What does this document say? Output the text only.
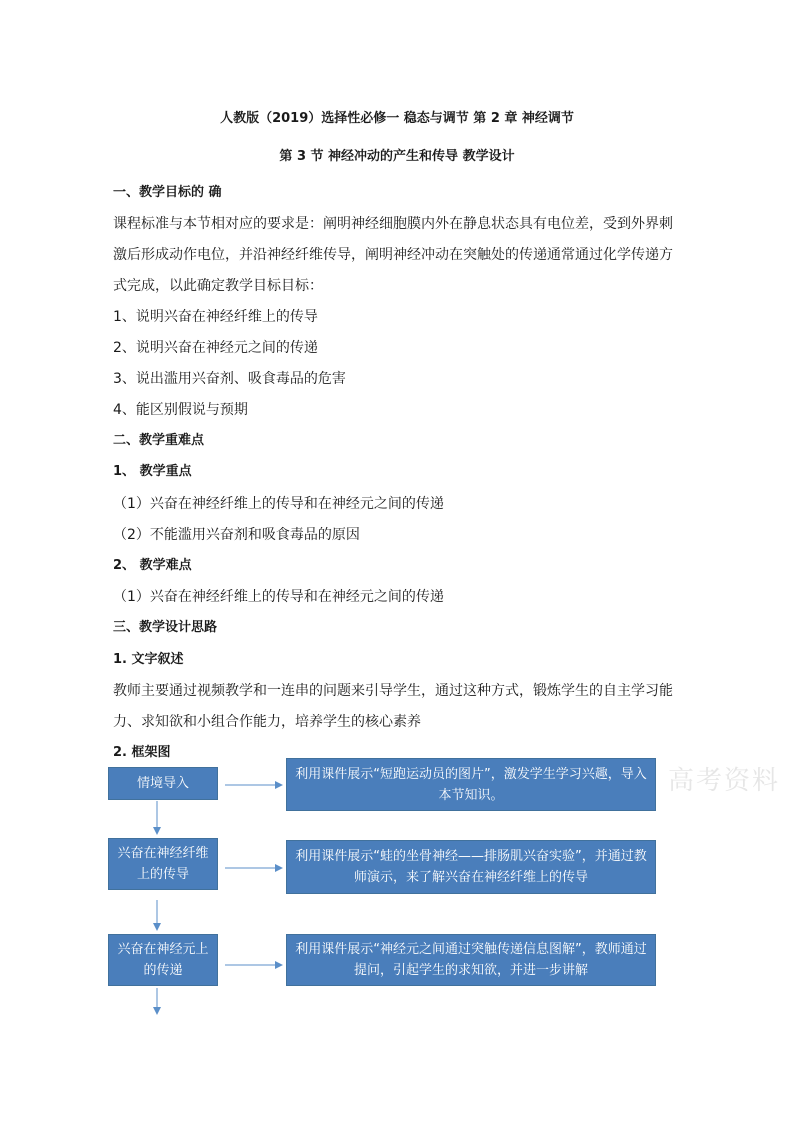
人教版（2019）选择性必修一 稳态与调节 第 2 章 神经调节
第 3 节 神经冲动的产生和传导 教学设计
一、教学目标的 确
课程标准与本节相对应的要求是：阐明神经细胞膜内外在静息状态具有电位差，受到外界刺
激后形成动作电位，并沿神经纤维传导，阐明神经冲动在突触处的传递通常通过化学传递方
式完成，以此确定教学目标目标：
1、说明兴奋在神经纤维上的传导
2、说明兴奋在神经元之间的传递
3、说出滥用兴奋剂、吸食毒品的危害
4、能区别假说与预期
二、教学重难点
1、 教学重点
（1）兴奋在神经纤维上的传导和在神经元之间的传递
（2）不能滥用兴奋剂和吸食毒品的原因
2、 教学难点
（1）兴奋在神经纤维上的传导和在神经元之间的传递
三、教学设计思路
1. 文字叙述
教师主要通过视频教学和一连串的问题来引导学生，通过这种方式，锻炼学生的自主学习能
力、求知欲和小组合作能力，培养学生的核心素养
2. 框架图
高考资料
情境导入
利用课件展示“短跑运动员的图片”，激发学生学习兴趣，导入本节知识。
兴奋在神经纤维上的传导
利用课件展示“蛙的坐骨神经——排肠肌兴奋实验”，并通过教师演示，来了解兴奋在神经纤维上的传导
兴奋在神经元上的传递
利用课件展示“神经元之间通过突触传递信息图解”，教师通过提问，引起学生的求知欲，并进一步讲解
